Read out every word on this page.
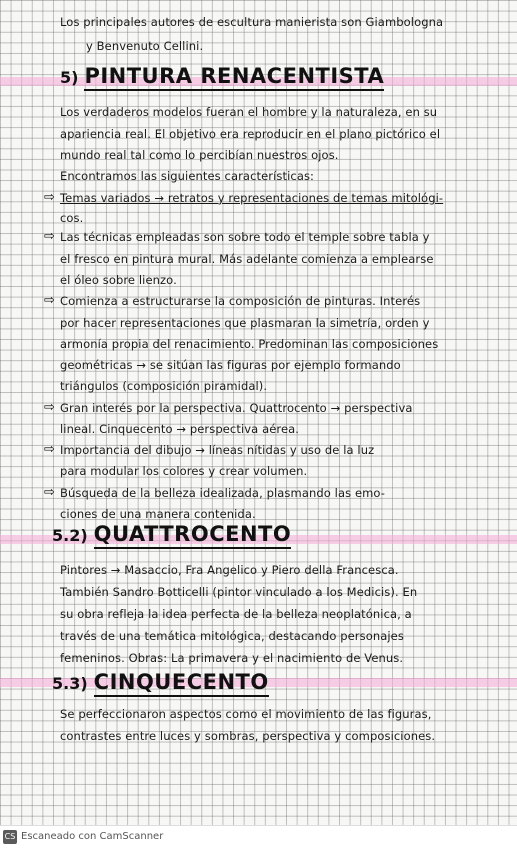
Los principales autores de escultura manierista son Giambologna

y Benvenuto Cellini.

5) PINTURA RENACENTISTA

Los verdaderos modelos fueran el hombre y la naturaleza, en su

apariencia real. El objetivo era reproducir en el plano pictórico el

mundo real tal como lo percibían nuestros ojos.

Encontramos las siguientes características:

⇨ Temas variados → retratos y representaciones de temas mitológi-

cos.

⇨ Las técnicas empleadas son sobre todo el temple sobre tabla y

el fresco en pintura mural. Más adelante comienza a emplearse

el óleo sobre lienzo.

⇨ Comienza a estructurarse la composición de pinturas. Interés

por hacer representaciones que plasmaran la simetría, orden y

armonía propia del renacimiento. Predominan las composiciones

geométricas → se sitúan las figuras por ejemplo formando

triángulos (composición piramidal).

⇨ Gran interés por la perspectiva. Quattrocento → perspectiva

lineal. Cinquecento → perspectiva aérea.

⇨ Importancia del dibujo → líneas nítidas y uso de la luz

para modular los colores y crear volumen.

⇨ Búsqueda de la belleza idealizada, plasmando las emo-

ciones de una manera contenida.

5.2) QUATTROCENTO

Pintores → Masaccio, Fra Angelico y Piero della Francesca.

También Sandro Botticelli (pintor vinculado a los Medicis). En

su obra refleja la idea perfecta de la belleza neoplatónica, a

través de una temática mitológica, destacando personajes

femeninos. Obras: La primavera y el nacimiento de Venus.

5.3) CINQUECENTO

Se perfeccionaron aspectos como el movimiento de las figuras,

contrastes entre luces y sombras, perspectiva y composiciones.

CS Escaneado con CamScanner
